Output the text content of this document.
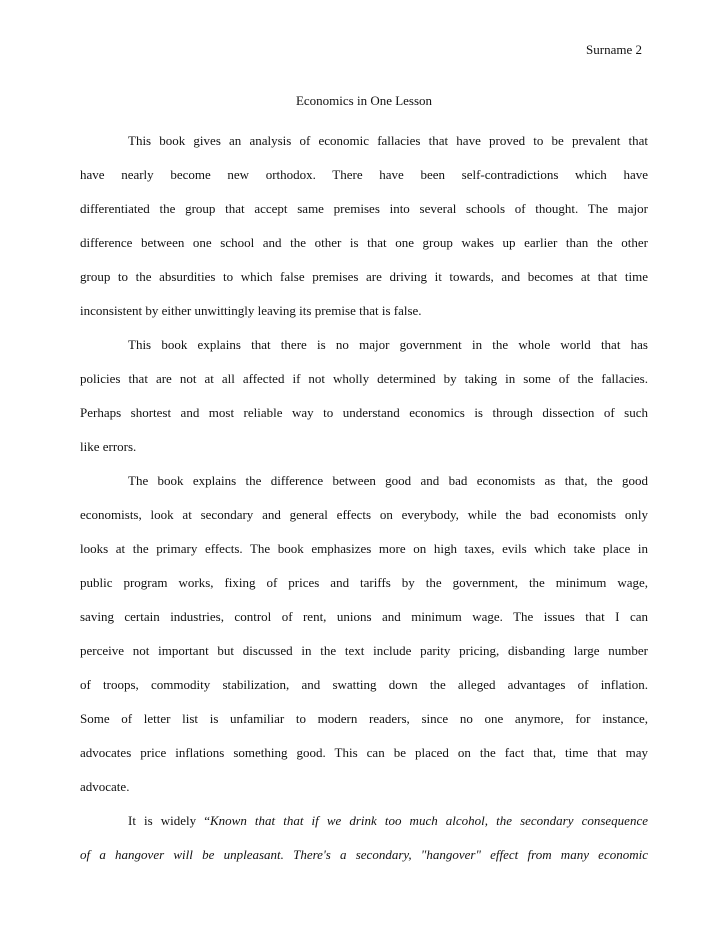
Surname 2
Economics in One Lesson
This book gives an analysis of economic fallacies that have proved to be prevalent that
have nearly become new orthodox. There have been self-contradictions which have
differentiated the group that accept same premises into several schools of thought. The major
difference between one school and the other is that one group wakes up earlier than the other
group to the absurdities to which false premises are driving it towards, and becomes at that time
inconsistent by either unwittingly leaving its premise that is false.
This book explains that there is no major government in the whole world that has
policies that are not at all affected if not wholly determined by taking in some of the fallacies.
Perhaps shortest and most reliable way to understand economics is through dissection of such
like errors.
The book explains the difference between good and bad economists as that, the good
economists, look at secondary and general effects on everybody, while the bad economists only
looks at the primary effects. The book emphasizes more on high taxes, evils which take place in
public program works, fixing of prices and tariffs by the government, the minimum wage,
saving certain industries, control of rent, unions and minimum wage. The issues that I can
perceive not important but discussed in the text include parity pricing, disbanding large number
of troops, commodity stabilization, and swatting down the alleged advantages of inflation.
Some of letter list is unfamiliar to modern readers, since no one anymore, for instance,
advocates price inflations something good. This can be placed on the fact that, time that may
advocate.
It is widely “Known that that if we drink too much alcohol, the secondary consequence
of a hangover will be unpleasant. There's a secondary, "hangover" effect from many economic
